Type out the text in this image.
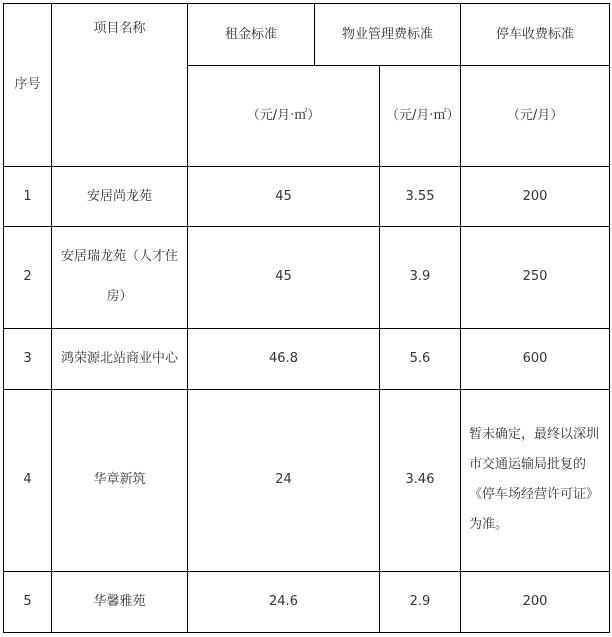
序号	项目名称	租金标准	物业管理费标准		停车收费标准
		（元/月·㎡）		（元/月·㎡）	（元/月）
1	安居尚龙苑	45		3.55	200
2	安居瑞龙苑（人才住房）	45		3.9	250
3	鸿荣源北站商业中心	46.8		5.6	600
4	华章新筑	24		3.46	暂未确定，最终以深圳市交通运输局批复的《停车场经营许可证》为准。
5	华馨雅苑	24.6		2.9	200
